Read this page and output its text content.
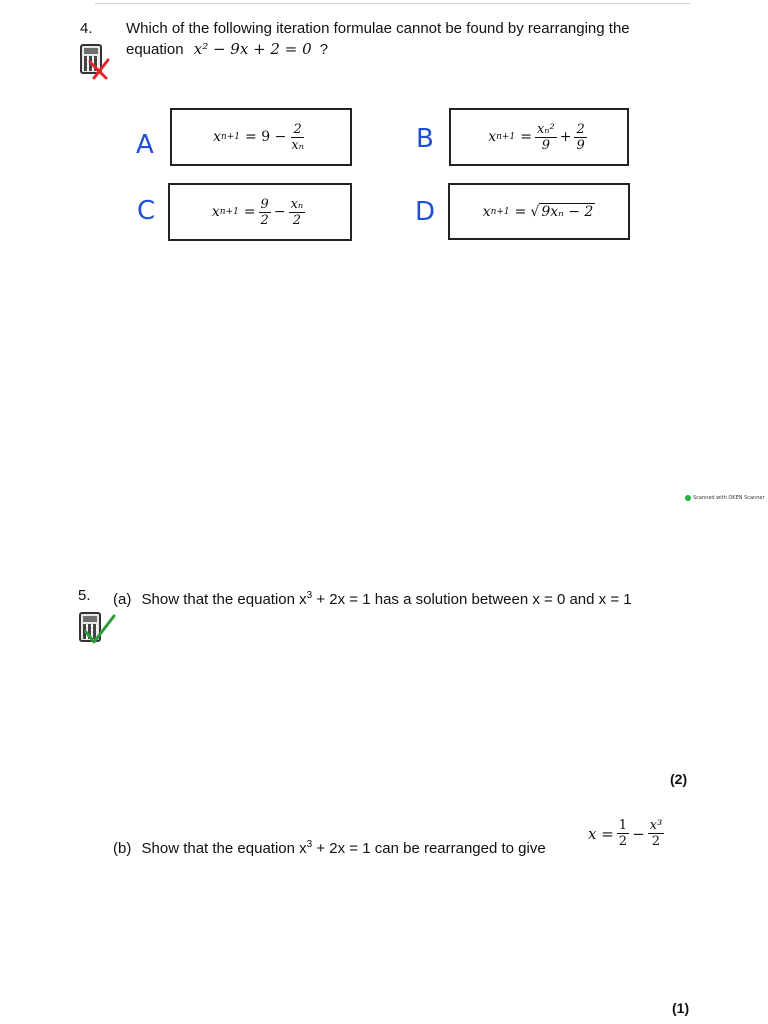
4. Which of the following iteration formulae cannot be found by rearranging the
equation x² − 9x + 2 = 0 ?
A	x $n+1 = 9 - \frac{2}{\text{xₙ}}$	B	x $n+1 = \frac{\text{xₙ²}}{9} + \frac{2}{9}$
C	x $n+1 = \frac{9}{2} - \frac{\text{xₙ}}{2}$	D	x n+1 = √ 9xₙ − 2
Scanned with OKEN Scanner
5. (a) Show that the equation $x^3 + 2x = 1$ has a solution between x = 0 and x = 1
(2)
(b) Show that the equation $x^3 + 2x = 1$ can be rearranged to give
$x = \frac{1}{2} - \frac{\text{x³}}{2}$
(1)
